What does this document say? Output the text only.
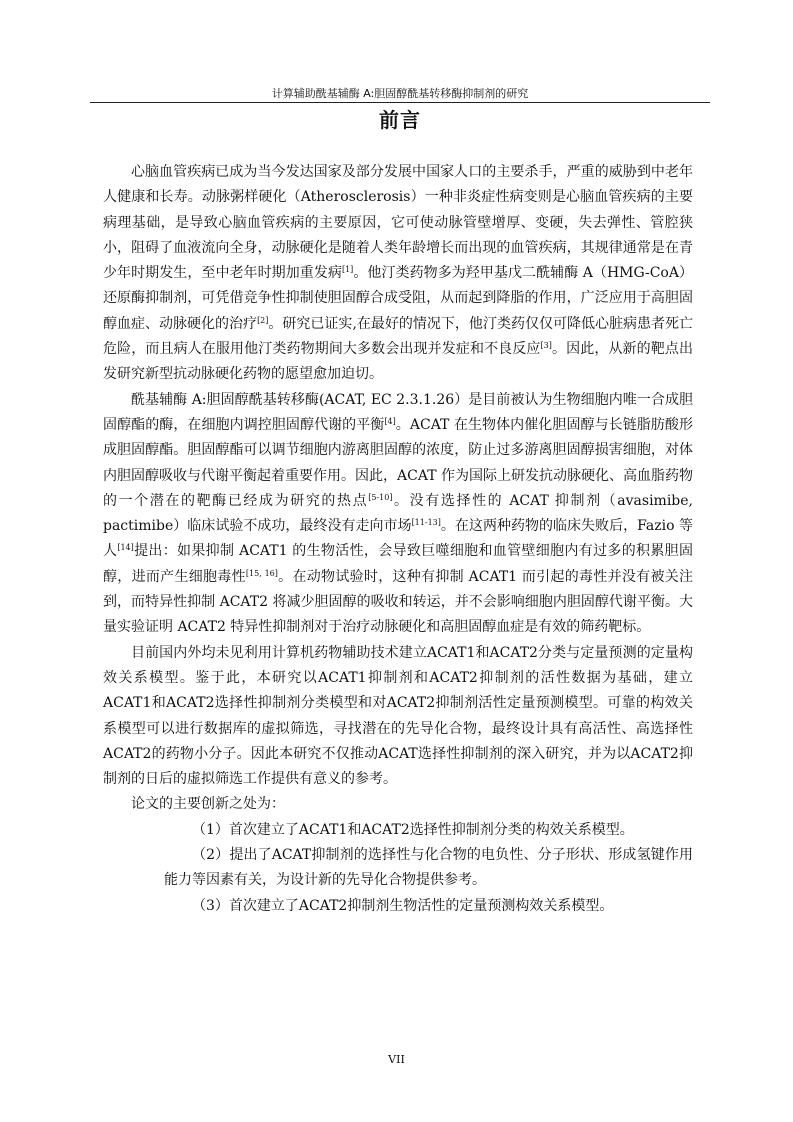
计算辅助酰基辅酶 A:胆固醇酰基转移酶抑制剂的研究
前言

心脑血管疾病已成为当今发达国家及部分发展中国家人口的主要杀手，严重的威胁到中老年人健康和长寿。动脉粥样硬化（Atherosclerosis）一种非炎症性病变则是心脑血管疾病的主要病理基础，是导致心脑血管疾病的主要原因，它可使动脉管壁增厚、变硬，失去弹性、管腔狭小，阻碍了血液流向全身，动脉硬化是随着人类年龄增长而出现的血管疾病，其规律通常是在青少年时期发生，至中老年时期加重发病[1]。他汀类药物多为羟甲基戊二酰辅酶 A（HMG-CoA）还原酶抑制剂，可凭借竞争性抑制使胆固醇合成受阻，从而起到降脂的作用，广泛应用于高胆固醇血症、动脉硬化的治疗[2]。研究已证实,在最好的情况下，他汀类药仅仅可降低心脏病患者死亡危险，而且病人在服用他汀类药物期间大多数会出现并发症和不良反应[3]。因此，从新的靶点出发研究新型抗动脉硬化药物的愿望愈加迫切。

酰基辅酶 A:胆固醇酰基转移酶(ACAT, EC 2.3.1.26）是目前被认为生物细胞内唯一合成胆固醇酯的酶，在细胞内调控胆固醇代谢的平衡[4]。ACAT 在生物体内催化胆固醇与长链脂肪酸形成胆固醇酯。胆固醇酯可以调节细胞内游离胆固醇的浓度，防止过多游离胆固醇损害细胞，对体内胆固醇吸收与代谢平衡起着重要作用。因此，ACAT 作为国际上研发抗动脉硬化、高血脂药物的一个潜在的靶酶已经成为研究的热点[5-10]。没有选择性的 ACAT 抑制剂（avasimibe, pactimibe）临床试验不成功，最终没有走向市场[11-13]。在这两种药物的临床失败后，Fazio 等人[14]提出：如果抑制 ACAT1 的生物活性，会导致巨噬细胞和血管壁细胞内有过多的积累胆固醇，进而产生细胞毒性[15, 16]。在动物试验时，这种有抑制 ACAT1 而引起的毒性并没有被关注到，而特异性抑制 ACAT2 将减少胆固醇的吸收和转运，并不会影响细胞内胆固醇代谢平衡。大量实验证明 ACAT2 特异性抑制剂对于治疗动脉硬化和高胆固醇血症是有效的筛药靶标。

目前国内外均未见利用计算机药物辅助技术建立ACAT1和ACAT2分类与定量预测的定量构效关系模型。鉴于此，本研究以ACAT1抑制剂和ACAT2抑制剂的活性数据为基础，建立ACAT1和ACAT2选择性抑制剂分类模型和对ACAT2抑制剂活性定量预测模型。可靠的构效关系模型可以进行数据库的虚拟筛选，寻找潜在的先导化合物，最终设计具有高活性、高选择性ACAT2的药物小分子。因此本研究不仅推动ACAT选择性抑制剂的深入研究，并为以ACAT2抑制剂的日后的虚拟筛选工作提供有意义的参考。

论文的主要创新之处为：

（1）首次建立了ACAT1和ACAT2选择性抑制剂分类的构效关系模型。

（2）提出了ACAT抑制剂的选择性与化合物的电负性、分子形状、形成氢键作用能力等因素有关，为设计新的先导化合物提供参考。

（3）首次建立了ACAT2抑制剂生物活性的定量预测构效关系模型。

VII
